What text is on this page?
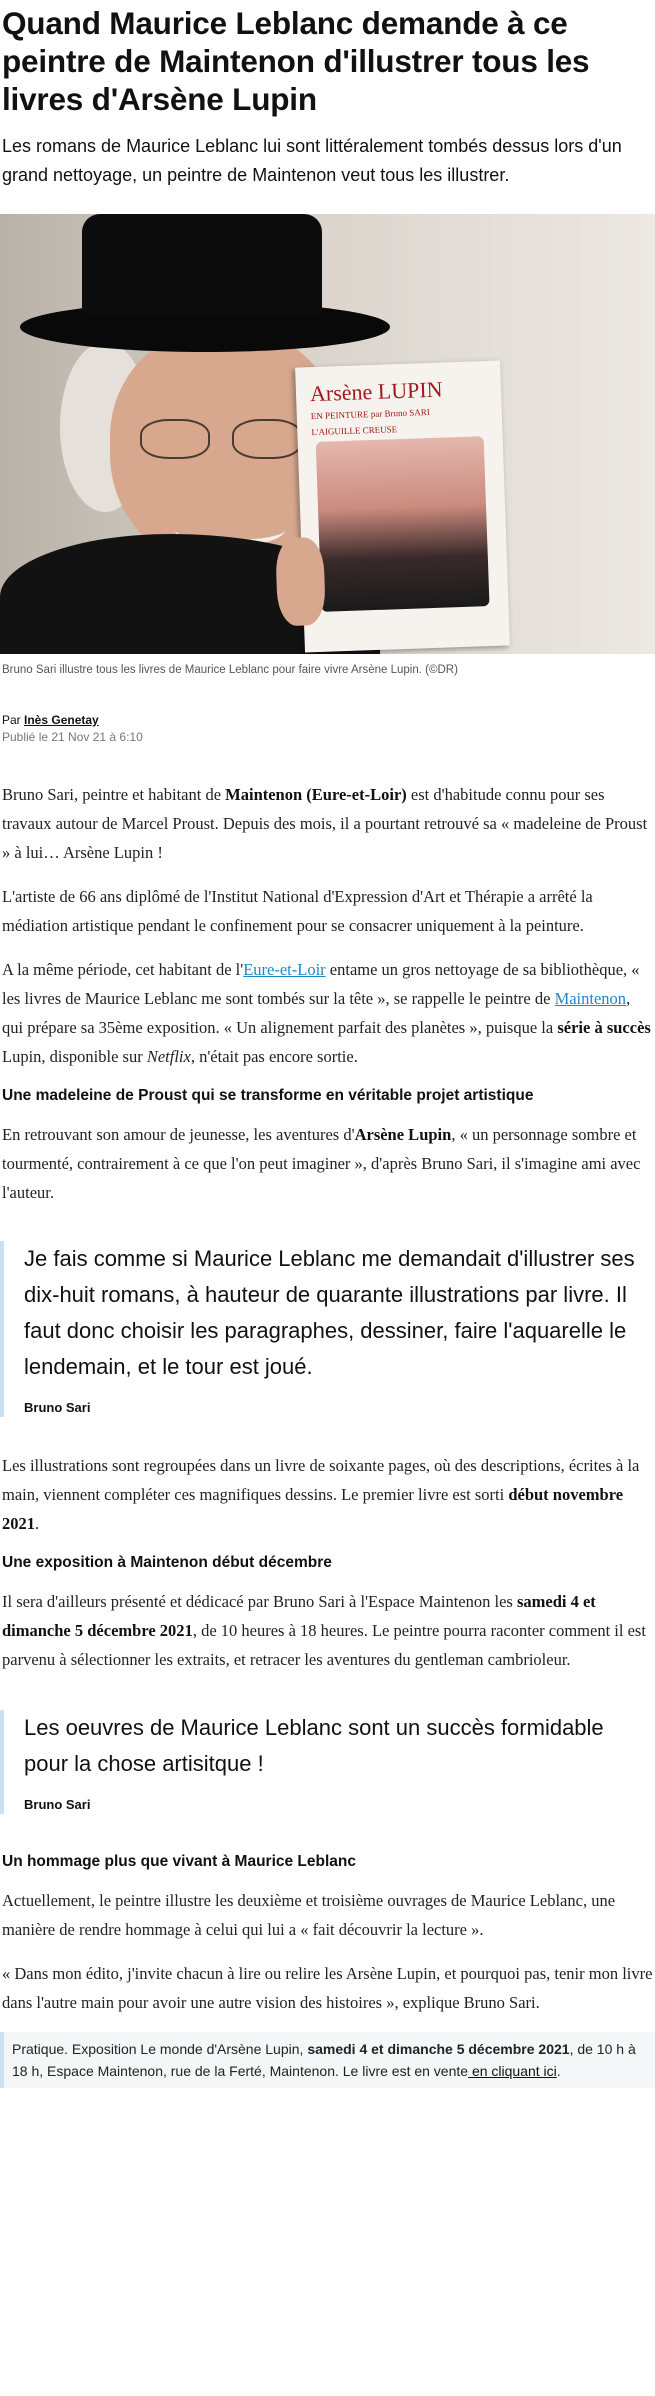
Quand Maurice Leblanc demande à ce peintre de Maintenon d'illustrer tous les livres d'Arsène Lupin

Les romans de Maurice Leblanc lui sont littéralement tombés dessus lors d'un grand nettoyage, un peintre de Maintenon veut tous les illustrer.

Arsène LUPIN
EN PEINTURE par Bruno SARI
L'AIGUILLE CREUSE

Bruno Sari illustre tous les livres de Maurice Leblanc pour faire vivre Arsène Lupin. (©DR)

Par Inès Genetay
Publié le 21 Nov 21 à 6:10

Bruno Sari, peintre et habitant de Maintenon (Eure-et-Loir) est d'habitude connu pour ses travaux autour de Marcel Proust. Depuis des mois, il a pourtant retrouvé sa « madeleine de Proust » à lui… Arsène Lupin !

L'artiste de 66 ans diplômé de l'Institut National d'Expression d'Art et Thérapie a arrêté la médiation artistique pendant le confinement pour se consacrer uniquement à la peinture.

A la même période, cet habitant de l'Eure-et-Loir entame un gros nettoyage de sa bibliothèque, « les livres de Maurice Leblanc me sont tombés sur la tête », se rappelle le peintre de Maintenon, qui prépare sa 35ème exposition. « Un alignement parfait des planètes », puisque la série à succès Lupin, disponible sur Netflix, n'était pas encore sortie.

Une madeleine de Proust qui se transforme en véritable projet artistique

En retrouvant son amour de jeunesse, les aventures d'Arsène Lupin, « un personnage sombre et tourmenté, contrairement à ce que l'on peut imaginer », d'après Bruno Sari, il s'imagine ami avec l'auteur.

Je fais comme si Maurice Leblanc me demandait d'illustrer ses dix-huit romans, à hauteur de quarante illustrations par livre. Il faut donc choisir les paragraphes, dessiner, faire l'aquarelle le lendemain, et le tour est joué.
Bruno Sari

Les illustrations sont regroupées dans un livre de soixante pages, où des descriptions, écrites à la main, viennent compléter ces magnifiques dessins. Le premier livre est sorti début novembre 2021.

Une exposition à Maintenon début décembre

Il sera d'ailleurs présenté et dédicacé par Bruno Sari à l'Espace Maintenon les samedi 4 et dimanche 5 décembre 2021, de 10 heures à 18 heures. Le peintre pourra raconter comment il est parvenu à sélectionner les extraits, et retracer les aventures du gentleman cambrioleur.

Les oeuvres de Maurice Leblanc sont un succès formidable pour la chose artisitque !
Bruno Sari
Un hommage plus que vivant à Maurice Leblanc

Actuellement, le peintre illustre les deuxième et troisième ouvrages de Maurice Leblanc, une manière de rendre hommage à celui qui lui a « fait découvrir la lecture ».

« Dans mon édito, j'invite chacun à lire ou relire les Arsène Lupin, et pourquoi pas, tenir mon livre dans l'autre main pour avoir une autre vision des histoires », explique Bruno Sari.

Pratique. Exposition Le monde d'Arsène Lupin, samedi 4 et dimanche 5 décembre 2021, de 10 h à 18 h, Espace Maintenon, rue de la Ferté, Maintenon. Le livre est en vente en cliquant ici.
